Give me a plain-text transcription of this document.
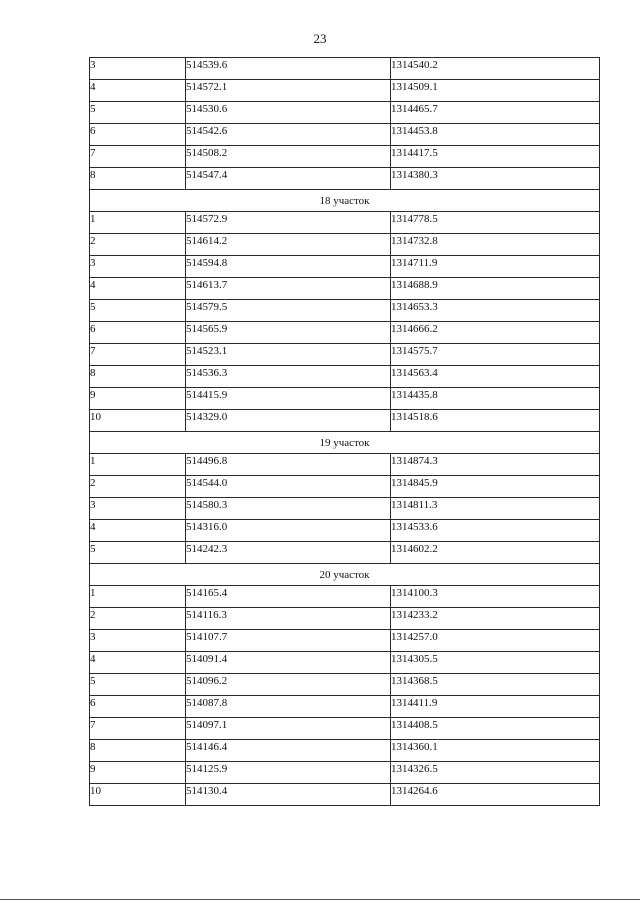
23
3	514539.6	1314540.2
4	514572.1	1314509.1
5	514530.6	1314465.7
6	514542.6	1314453.8
7	514508.2	1314417.5
8	514547.4	1314380.3
18 участок		
1	514572.9	1314778.5
2	514614.2	1314732.8
3	514594.8	1314711.9
4	514613.7	1314688.9
5	514579.5	1314653.3
6	514565.9	1314666.2
7	514523.1	1314575.7
8	514536.3	1314563.4
9	514415.9	1314435.8
10	514329.0	1314518.6
19 участок		
1	514496.8	1314874.3
2	514544.0	1314845.9
3	514580.3	1314811.3
4	514316.0	1314533.6
5	514242.3	1314602.2
20 участок		
1	514165.4	1314100.3
2	514116.3	1314233.2
3	514107.7	1314257.0
4	514091.4	1314305.5
5	514096.2	1314368.5
6	514087.8	1314411.9
7	514097.1	1314408.5
8	514146.4	1314360.1
9	514125.9	1314326.5
10	514130.4	1314264.6
